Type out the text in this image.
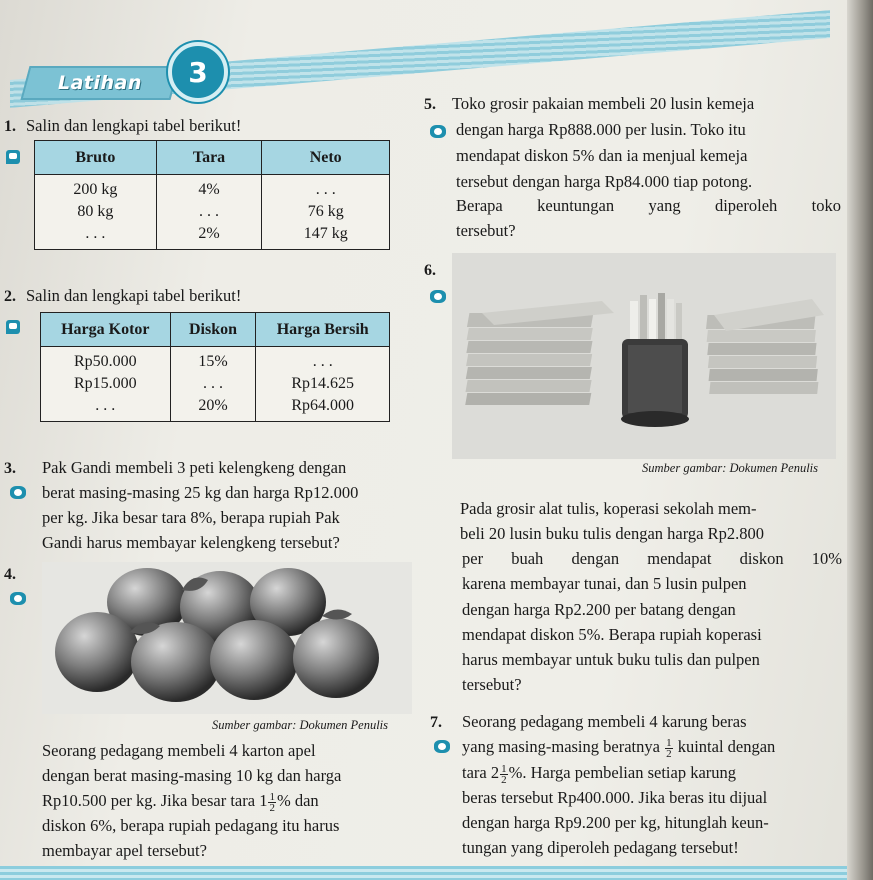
Latihan	3
1. Salin dan lengkapi tabel berikut!
Bruto	Tara	Neto
200 kg	4%	. . .
80 kg	. . .	76 kg
. . .	2%	147 kg
2. Salin dan lengkapi tabel berikut!
Harga Kotor	Diskon	Harga Bersih
Rp50.000	15%	. . .
Rp15.000	. . .	Rp14.625
. . .	20%	Rp64.000
3. Pak Gandi membeli 3 peti kelengkeng dengan
berat masing-masing 25 kg dan harga Rp12.000
per kg. Jika besar tara 8%, berapa rupiah Pak
Gandi harus membayar kelengkeng tersebut?
4.
Sumber gambar: Dokumen Penulis
Seorang pedagang membeli 4 karton apel
dengan berat masing-masing 10 kg dan harga
Rp10.500 per kg. Jika besar tara $1 \frac{1}{2}$ % dan
diskon 6%, berapa rupiah pedagang itu harus
membayar apel tersebut?
5. Toko grosir pakaian membeli 20 lusin kemeja
dengan harga Rp888.000 per lusin. Toko itu
mendapat diskon 5% dan ia menjual kemeja
tersebut dengan harga Rp84.000 tiap potong.
Berapa keuntungan yang diperoleh toko
tersebut?
6.
Sumber gambar: Dokumen Penulis
Pada grosir alat tulis, koperasi sekolah mem-
beli 20 lusin buku tulis dengan harga Rp2.800
per buah dengan mendapat diskon 10%
karena membayar tunai, dan 5 lusin pulpen
dengan harga Rp2.200 per batang dengan
mendapat diskon 5%. Berapa rupiah koperasi
harus membayar untuk buku tulis dan pulpen
tersebut?
7. Seorang pedagang membeli 4 karung beras
yang masing-masing beratnya $\frac{1}{2}$ kuintal dengan
tara $2 \frac{1}{2}$ %. Harga pembelian setiap karung
beras tersebut Rp400.000. Jika beras itu dijual
dengan harga Rp9.200 per kg, hitunglah keun-
tungan yang diperoleh pedagang tersebut!
